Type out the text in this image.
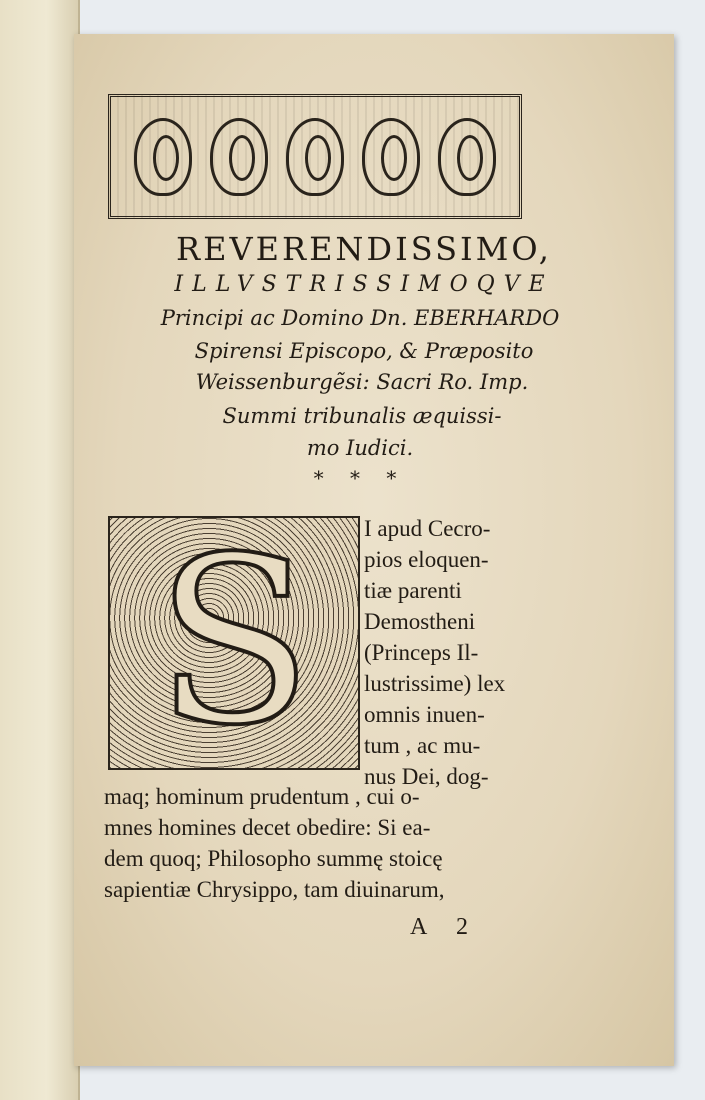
REVERENDISSIMO,
ILLVSTRISSIMOQVE
Principi ac Domino Dn. EBERHARDO
Spirensi Episcopo, & Præposito
Weissenburgẽsi: Sacri Ro. Imp.
Summi tribunalis æquissi-
mo Iudici.
* * *
S I apud Cecro-
pios eloquen-
tiæ parenti
Demostheni
(Princeps Il-
lustrissime) lex
omnis inuen-
tum , ac mu-
nus Dei, dog-
maq; hominum prudentum , cui o-
mnes homines decet obedire: Si ea-
dem quoq; Philosopho summę stoicę
sapientiæ Chrysippo, tam diuinarum,
A 2
